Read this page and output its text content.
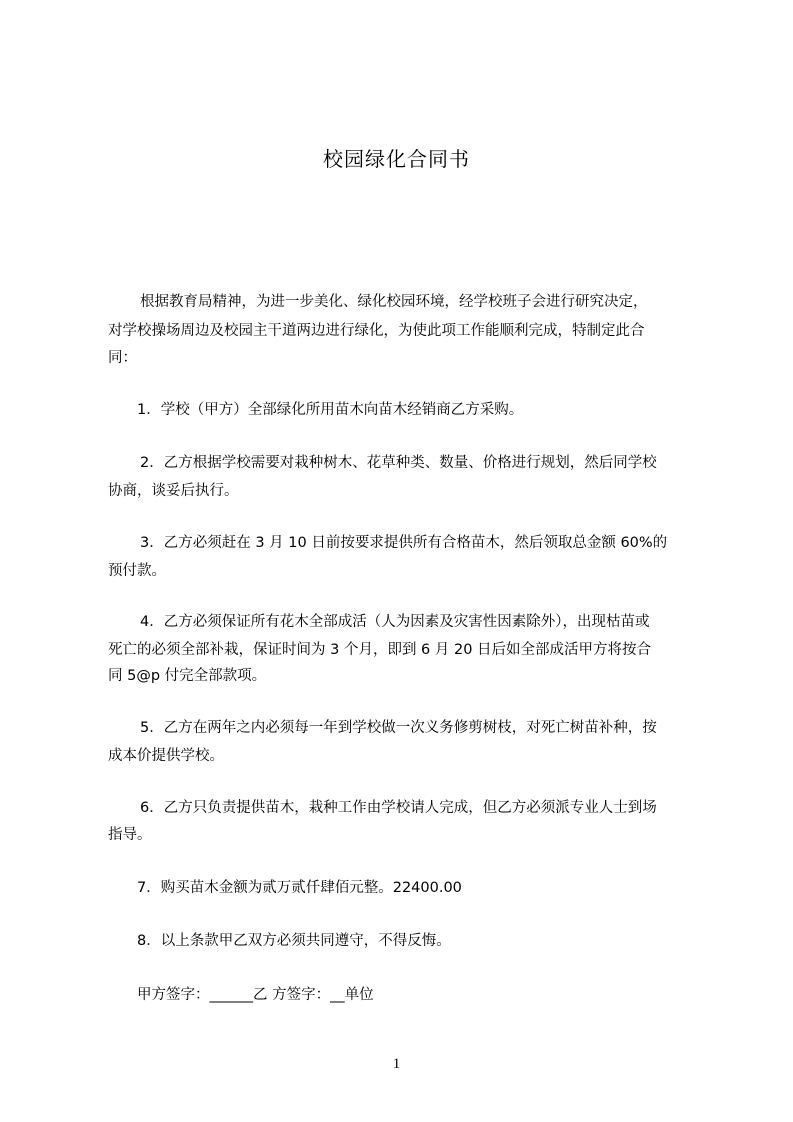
校园绿化合同书
根据教育局精神，为进一步美化、绿化校园环境，经学校班子会进行研究决定，
对学校操场周边及校园主干道两边进行绿化，为使此项工作能顺利完成，特制定此合
同：
1．学校（甲方）全部绿化所用苗木向苗木经销商乙方采购。
2．乙方根据学校需要对栽种树木、花草种类、数量、价格进行规划，然后同学校
协商，谈妥后执行。
3．乙方必须赶在 3 月 10 日前按要求提供所有合格苗木，然后领取总金额 60%的
预付款。
4．乙方必须保证所有花木全部成活（人为因素及灾害性因素除外），出现枯苗或
死亡的必须全部补栽，保证时间为 3 个月，即到 6 月 20 日后如全部成活甲方将按合
同 5@p 付完全部款项。
5．乙方在两年之内必须每一年到学校做一次义务修剪树枝，对死亡树苗补种，按
成本价提供学校。
6．乙方只负责提供苗木，栽种工作由学校请人完成，但乙方必须派专业人士到场
指导。
7．购买苗木金额为贰万贰仟肆佰元整。22400.00
8．以上条款甲乙双方必须共同遵守，不得反悔。
甲方签字：______乙 方签字：__单位
1
